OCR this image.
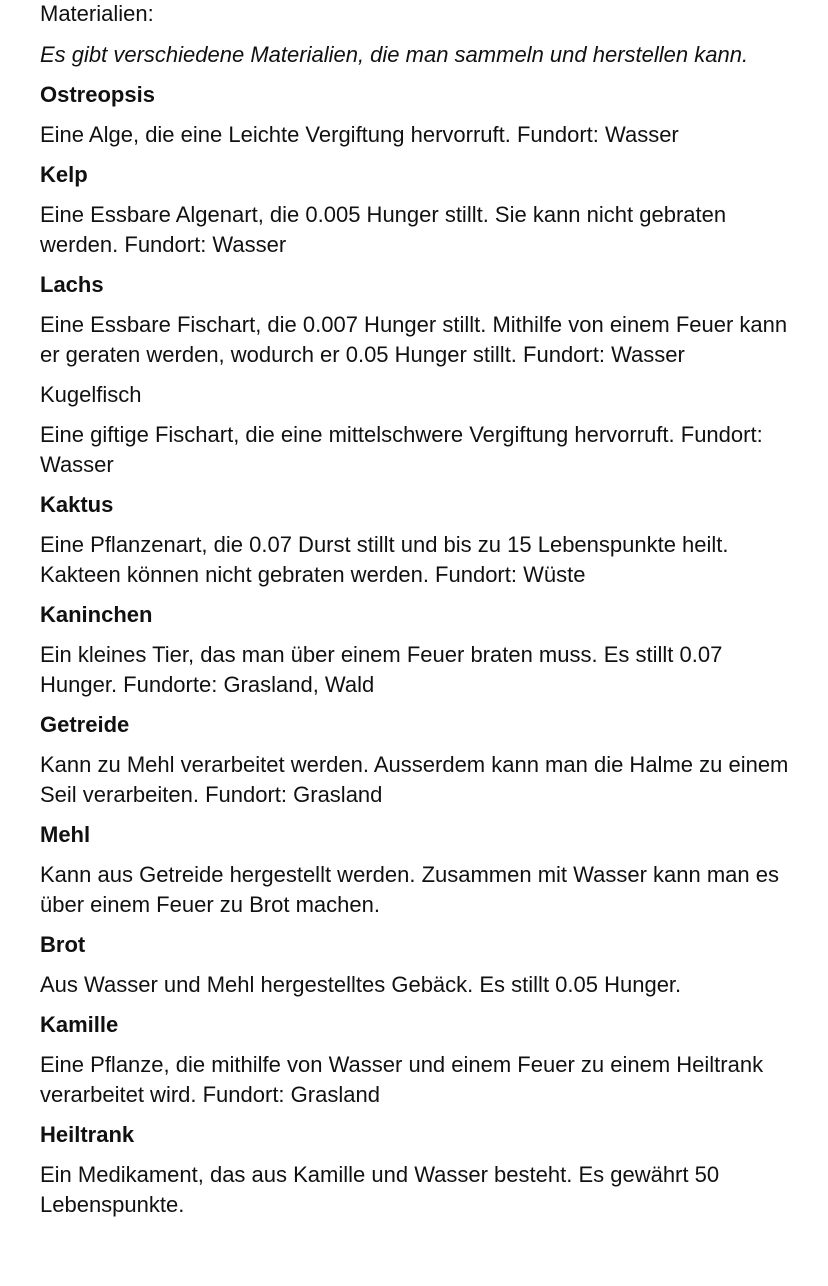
Materialien:
Es gibt verschiedene Materialien, die man sammeln und herstellen kann.
Ostreopsis
Eine Alge, die eine Leichte Vergiftung hervorruft. Fundort: Wasser
Kelp
Eine Essbare Algenart, die 0.005 Hunger stillt. Sie kann nicht gebraten werden. Fundort: Wasser
Lachs
Eine Essbare Fischart, die 0.007 Hunger stillt. Mithilfe von einem Feuer kann er geraten werden, wodurch er 0.05 Hunger stillt. Fundort: Wasser
Kugelfisch
Eine giftige Fischart, die eine mittelschwere Vergiftung hervorruft. Fundort: Wasser
Kaktus
Eine Pflanzenart, die 0.07 Durst stillt und bis zu 15 Lebenspunkte heilt. Kakteen können nicht gebraten werden. Fundort: Wüste
Kaninchen
Ein kleines Tier, das man über einem Feuer braten muss. Es stillt 0.07 Hunger. Fundorte: Grasland, Wald
Getreide
Kann zu Mehl verarbeitet werden. Ausserdem kann man die Halme zu einem Seil verarbeiten. Fundort: Grasland
Mehl
Kann aus Getreide hergestellt werden. Zusammen mit Wasser kann man es über einem Feuer zu Brot machen.
Brot
Aus Wasser und Mehl hergestelltes Gebäck. Es stillt 0.05 Hunger.
Kamille
Eine Pflanze, die mithilfe von Wasser und einem Feuer zu einem Heiltrank verarbeitet wird. Fundort: Grasland
Heiltrank
Ein Medikament, das aus Kamille und Wasser besteht. Es gewährt 50 Lebenspunkte.
